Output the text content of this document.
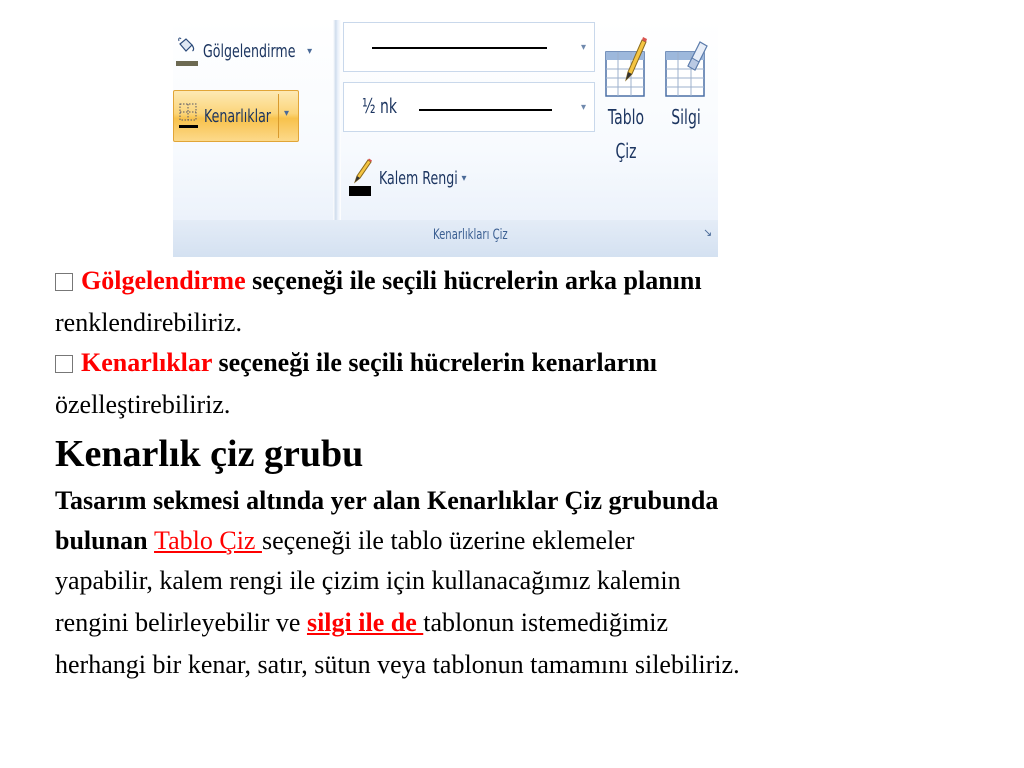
Gölgelendirme ▾
Kenarlıklar ▾
▾
½ nk	▾
Kalem Rengi ▾
Tablo
Çiz
Silgi
Kenarlıkları Çiz	↘
Gölgelendirme seçeneği ile seçili hücrelerin arka planını
renklendirebiliriz.
Kenarlıklar seçeneği ile seçili hücrelerin kenarlarını
özelleştirebiliriz.
Kenarlık çiz grubu
Tasarım sekmesi altında yer alan Kenarlıklar Çiz grubunda
bulunan Tablo Çiz seçeneği ile tablo üzerine eklemeler
yapabilir, kalem rengi ile çizim için kullanacağımız kalemin
rengini belirleyebilir ve silgi ile de tablonun istemediğimiz
herhangi bir kenar, satır, sütun veya tablonun tamamını silebiliriz.
